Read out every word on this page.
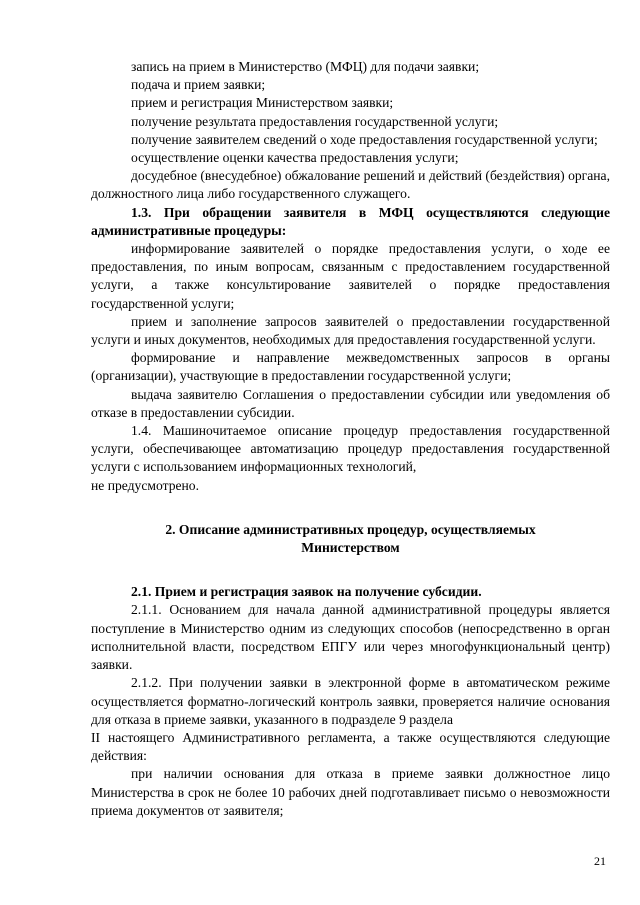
запись на прием в Министерство (МФЦ) для подачи заявки;

подача и прием заявки;

прием и регистрация Министерством заявки;

получение результата предоставления государственной услуги;

получение заявителем сведений о ходе предоставления государственной услуги;

осуществление оценки качества предоставления услуги;

досудебное (внесудебное) обжалование решений и действий (бездействия) органа, должностного лица либо государственного служащего.

1.3. При обращении заявителя в МФЦ осуществляются следующие административные процедуры:

информирование заявителей о порядке предоставления услуги, о ходе ее предоставления, по иным вопросам, связанным с предоставлением государственной услуги, а также консультирование заявителей о порядке предоставления государственной услуги;

прием и заполнение запросов заявителей о предоставлении государственной услуги и иных документов, необходимых для предоставления государственной услуги.

формирование и направление межведомственных запросов в органы (организации), участвующие в предоставлении государственной услуги;

выдача заявителю Соглашения о предоставлении субсидии или уведомления об отказе в предоставлении субсидии.

1.4. Машиночитаемое описание процедур предоставления государственной услуги, обеспечивающее автоматизацию процедур предоставления государственной услуги с использованием информационных технологий,

не предусмотрено.

2. Описание административных процедур, осуществляемых
Министерством

2.1. Прием и регистрация заявок на получение субсидии.

2.1.1. Основанием для начала данной административной процедуры является поступление в Министерство одним из следующих способов (непосредственно в орган исполнительной власти, посредством ЕПГУ или через многофункциональный центр) заявки.

2.1.2. При получении заявки в электронной форме в автоматическом режиме осуществляется форматно-логический контроль заявки, проверяется наличие основания для отказа в приеме заявки, указанного в подразделе 9 раздела

II настоящего Административного регламента, а также осуществляются следующие действия:

при наличии основания для отказа в приеме заявки должностное лицо Министерства в срок не более 10 рабочих дней подготавливает письмо о невозможности приема документов от заявителя;

21
